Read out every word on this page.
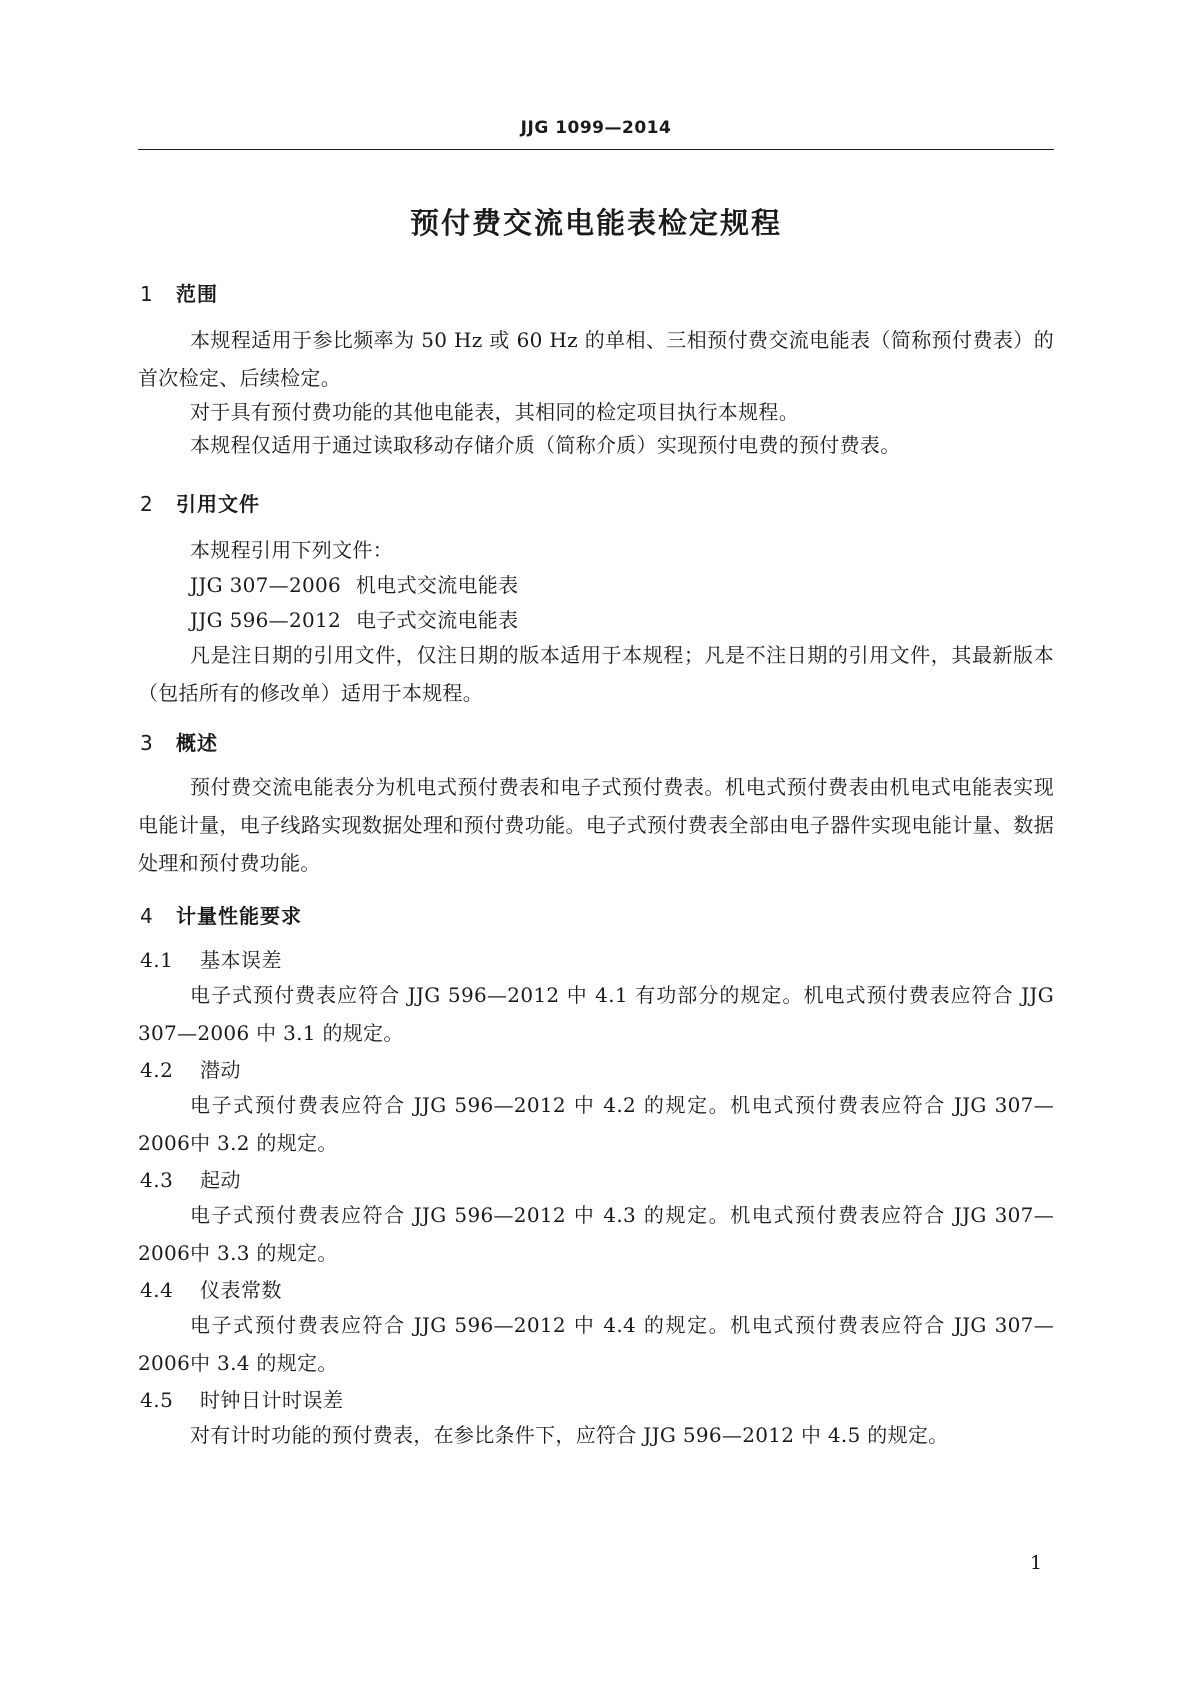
JJG 1099—2014
预付费交流电能表检定规程
1 范围

本规程适用于参比频率为 50 Hz 或 60 Hz 的单相、三相预付费交流电能表（简称预付费表）的首次检定、后续检定。

对于具有预付费功能的其他电能表，其相同的检定项目执行本规程。

本规程仅适用于通过读取移动存储介质（简称介质）实现预付电费的预付费表。

2 引用文件
本规程引用下列文件：
JJG 307—2006 机电式交流电能表
JJG 596—2012 电子式交流电能表

凡是注日期的引用文件，仅注日期的版本适用于本规程；凡是不注日期的引用文件，其最新版本（包括所有的修改单）适用于本规程。

3 概述

预付费交流电能表分为机电式预付费表和电子式预付费表。机电式预付费表由机电式电能表实现电能计量，电子线路实现数据处理和预付费功能。电子式预付费表全部由电子器件实现电能计量、数据处理和预付费功能。

4 计量性能要求
4.1 基本误差

电子式预付费表应符合 JJG 596—2012 中 4.1 有功部分的规定。机电式预付费表应符合 JJG 307—2006 中 3.1 的规定。

4.2 潜动

电子式预付费表应符合 JJG 596—2012 中 4.2 的规定。机电式预付费表应符合 JJG 307—2006中 3.2 的规定。

4.3 起动

电子式预付费表应符合 JJG 596—2012 中 4.3 的规定。机电式预付费表应符合 JJG 307—2006中 3.3 的规定。

4.4 仪表常数

电子式预付费表应符合 JJG 596—2012 中 4.4 的规定。机电式预付费表应符合 JJG 307—2006中 3.4 的规定。

4.5 时钟日计时误差

对有计时功能的预付费表，在参比条件下，应符合 JJG 596—2012 中 4.5 的规定。

1
